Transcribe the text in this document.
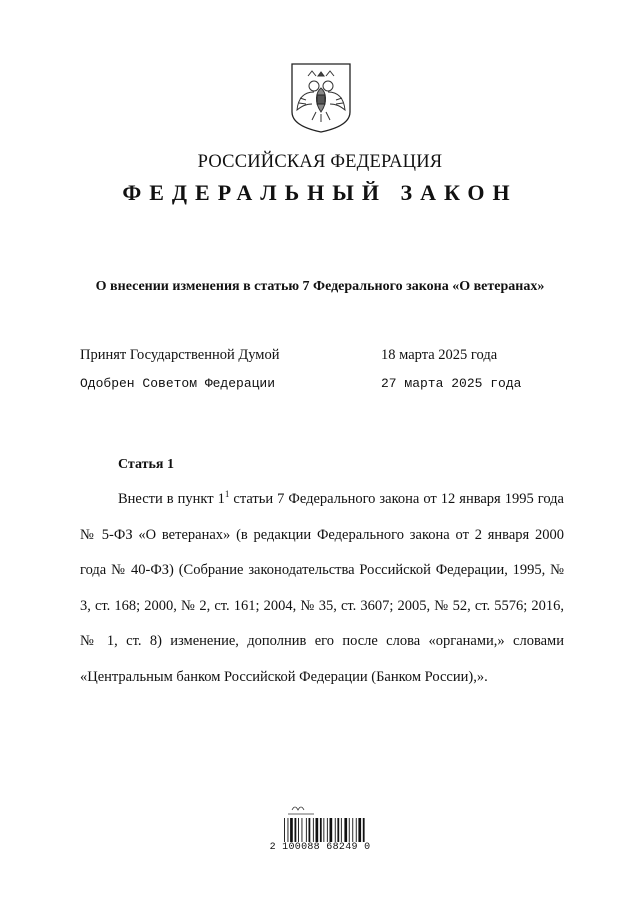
РОССИЙСКАЯ ФЕДЕРАЦИЯ
ФЕДЕРАЛЬНЫЙ ЗАКОН
О внесении изменения в статью 7 Федерального закона «О ветеранах»
Принят Государственной Думой	18 марта 2025 года
Одобрен Советом Федерации	27 марта 2025 года
Статья 1
Внести в пункт $1^1$ статьи 7 Федерального закона от 12 января 1995 года № 5-ФЗ «О ветеранах» (в редакции Федерального закона от 2 января 2000 года № 40-ФЗ) (Собрание законодательства Российской Федерации, 1995, № 3, ст. 168; 2000, № 2, ст. 161; 2004, № 35, ст. 3607; 2005, № 52, ст. 5576; 2016, № 1, ст. 8) изменение, дополнив его после слова «органами,» словами «Центральным банком Российской Федерации (Банком России),».
2 100088 68249 0
